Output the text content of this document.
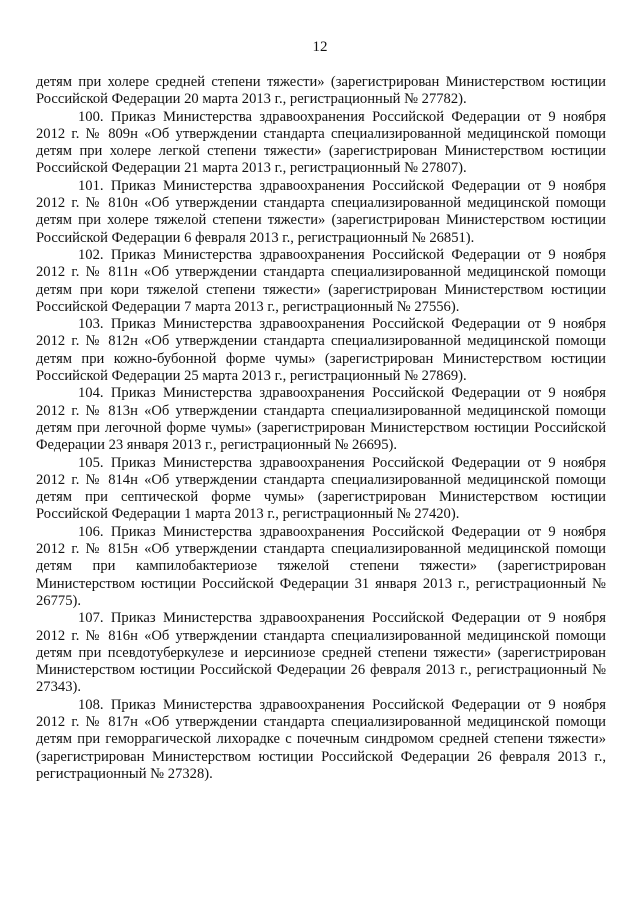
12

детям при холере средней степени тяжести» (зарегистрирован Министерством юстиции Российской Федерации 20 марта 2013 г., регистрационный № 27782).

100. Приказ Министерства здравоохранения Российской Федерации от 9 ноября 2012 г. № 809н «Об утверждении стандарта специализированной медицинской помощи детям при холере легкой степени тяжести» (зарегистрирован Министерством юстиции Российской Федерации 21 марта 2013 г., регистрационный № 27807).

101. Приказ Министерства здравоохранения Российской Федерации от 9 ноября 2012 г. № 810н «Об утверждении стандарта специализированной медицинской помощи детям при холере тяжелой степени тяжести» (зарегистрирован Министерством юстиции Российской Федерации 6 февраля 2013 г., регистрационный № 26851).

102. Приказ Министерства здравоохранения Российской Федерации от 9 ноября 2012 г. № 811н «Об утверждении стандарта специализированной медицинской помощи детям при кори тяжелой степени тяжести» (зарегистрирован Министерством юстиции Российской Федерации 7 марта 2013 г., регистрационный № 27556).

103. Приказ Министерства здравоохранения Российской Федерации от 9 ноября 2012 г. № 812н «Об утверждении стандарта специализированной медицинской помощи детям при кожно-бубонной форме чумы» (зарегистрирован Министерством юстиции Российской Федерации 25 марта 2013 г., регистрационный № 27869).

104. Приказ Министерства здравоохранения Российской Федерации от 9 ноября 2012 г. № 813н «Об утверждении стандарта специализированной медицинской помощи детям при легочной форме чумы» (зарегистрирован Министерством юстиции Российской Федерации 23 января 2013 г., регистрационный № 26695).

105. Приказ Министерства здравоохранения Российской Федерации от 9 ноября 2012 г. № 814н «Об утверждении стандарта специализированной медицинской помощи детям при септической форме чумы» (зарегистрирован Министерством юстиции Российской Федерации 1 марта 2013 г., регистрационный № 27420).

106. Приказ Министерства здравоохранения Российской Федерации от 9 ноября 2012 г. № 815н «Об утверждении стандарта специализированной медицинской помощи детям при кампилобактериозе тяжелой степени тяжести» (зарегистрирован Министерством юстиции Российской Федерации 31 января 2013 г., регистрационный № 26775).

107. Приказ Министерства здравоохранения Российской Федерации от 9 ноября 2012 г. № 816н «Об утверждении стандарта специализированной медицинской помощи детям при псевдотуберкулезе и иерсиниозе средней степени тяжести» (зарегистрирован Министерством юстиции Российской Федерации 26 февраля 2013 г., регистрационный № 27343).

108. Приказ Министерства здравоохранения Российской Федерации от 9 ноября 2012 г. № 817н «Об утверждении стандарта специализированной медицинской помощи детям при геморрагической лихорадке с почечным синдромом средней степени тяжести» (зарегистрирован Министерством юстиции Российской Федерации 26 февраля 2013 г., регистрационный № 27328).
